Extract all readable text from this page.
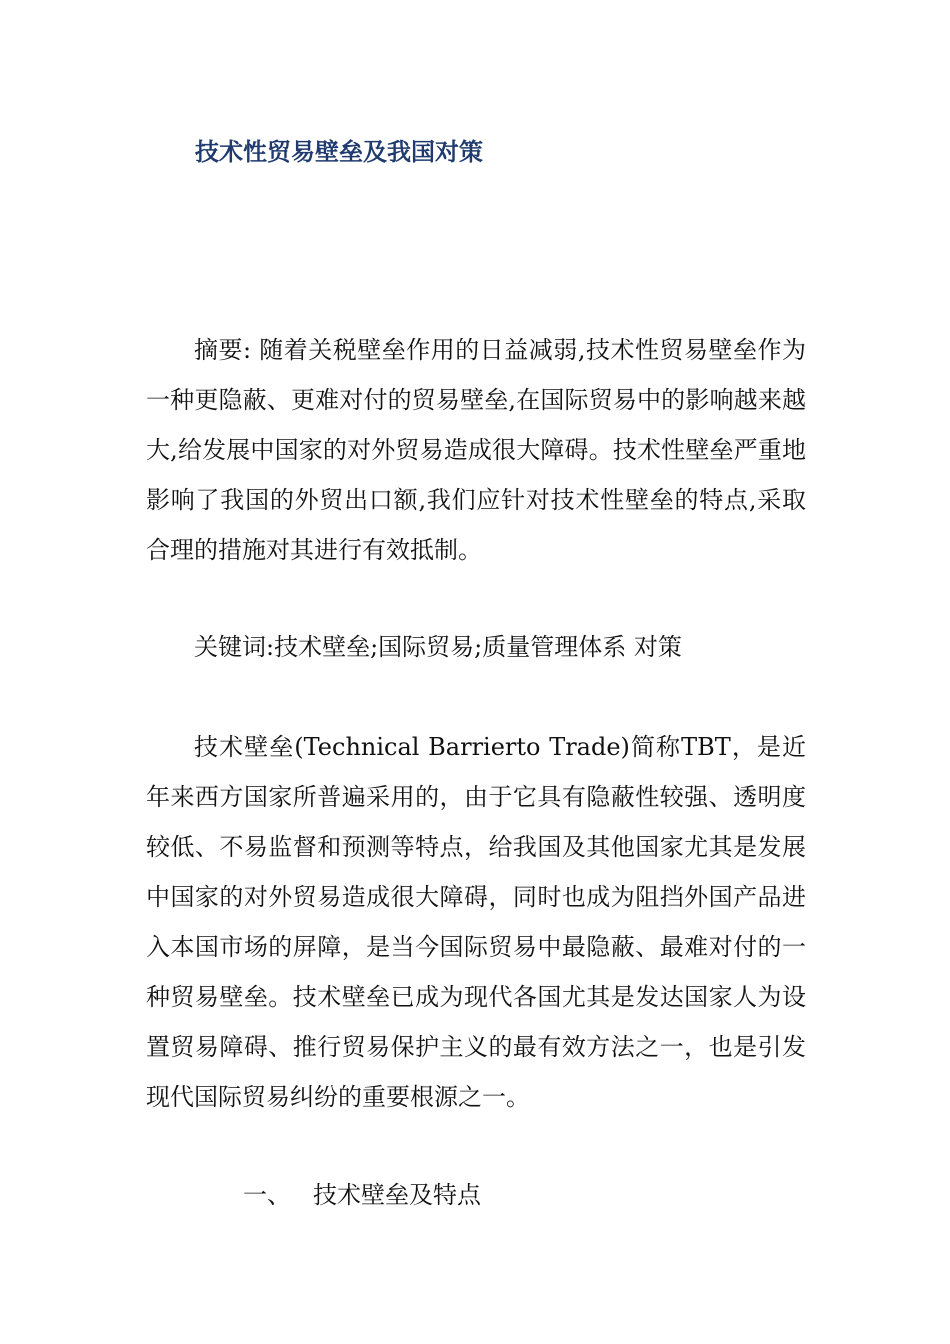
技术性贸易壁垒及我国对策

摘要: 随着关税壁垒作用的日益减弱,技术性贸易壁垒作为一种更隐蔽、更难对付的贸易壁垒,在国际贸易中的影响越来越大,给发展中国家的对外贸易造成很大障碍。技术性壁垒严重地影响了我国的外贸出口额,我们应针对技术性壁垒的特点,采取合理的措施对其进行有效抵制。

关键词:技术壁垒;国际贸易;质量管理体系 对策

技术壁垒(Technical Barrierto Trade)简称TBT，是近年来西方国家所普遍采用的，由于它具有隐蔽性较强、透明度较低、不易监督和预测等特点，给我国及其他国家尤其是发展中国家的对外贸易造成很大障碍，同时也成为阻挡外国产品进入本国市场的屏障，是当今国际贸易中最隐蔽、最难对付的一种贸易壁垒。技术壁垒已成为现代各国尤其是发达国家人为设置贸易障碍、推行贸易保护主义的最有效方法之一，也是引发现代国际贸易纠纷的重要根源之一。

一、 技术壁垒及特点
